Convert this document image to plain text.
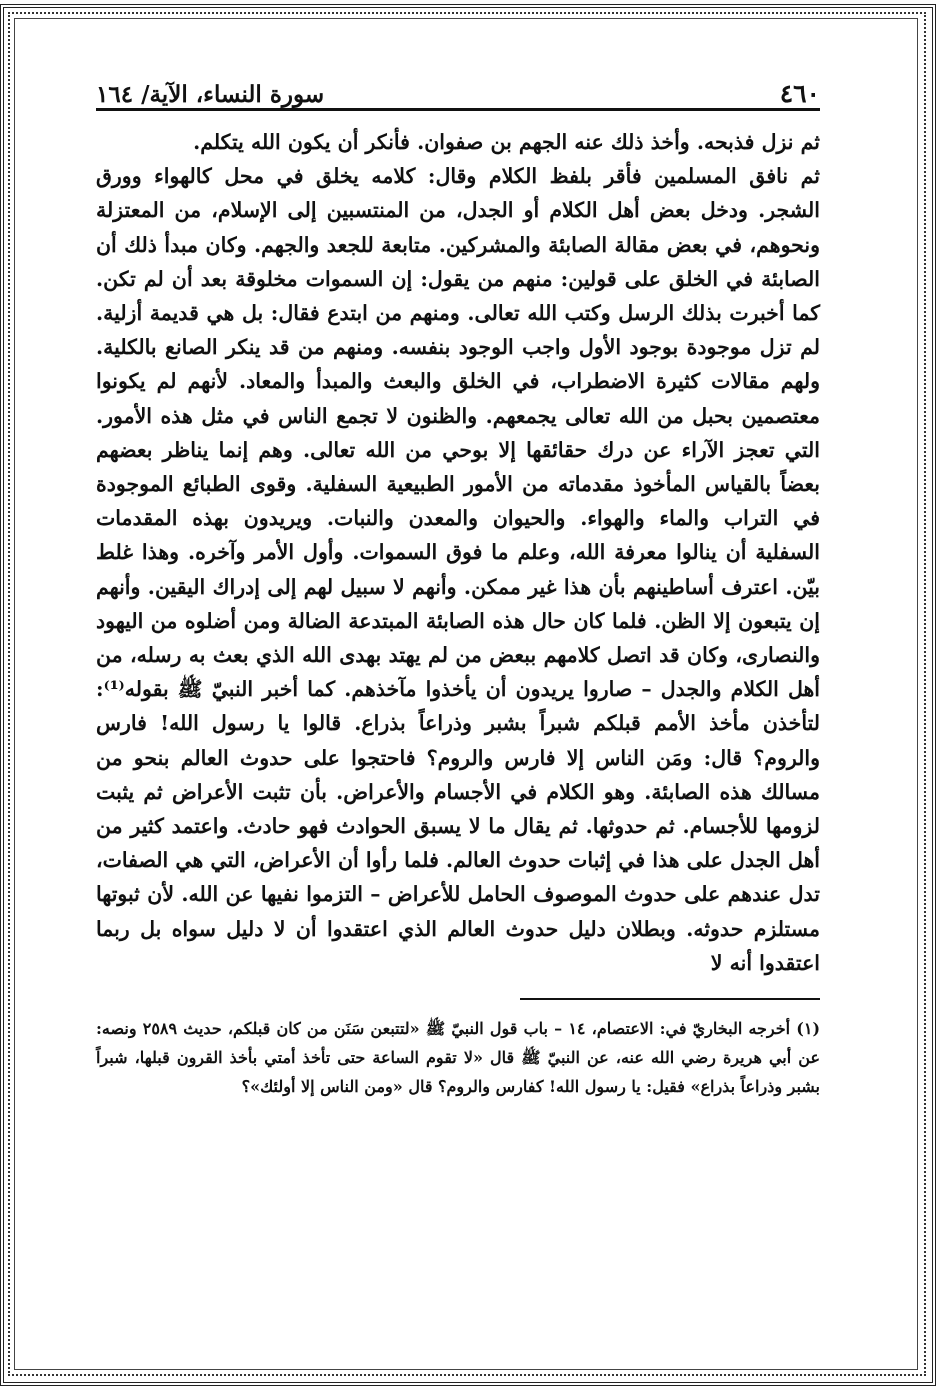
٤٦٠
سورة النساء، الآية/ ١٦٤

ثم نزل فذبحه. وأخذ ذلك عنه الجهم بن صفوان. فأنكر أن يكون الله يتكلم.

ثم نافق المسلمين فأقر بلفظ الكلام وقال: كلامه يخلق في محل كالهواء وورق الشجر. ودخل بعض أهل الكلام أو الجدل، من المنتسبين إلى الإسلام، من المعتزلة ونحوهم، في بعض مقالة الصابئة والمشركين. متابعة للجعد والجهم. وكان مبدأ ذلك أن الصابئة في الخلق على قولين: منهم من يقول: إن السموات مخلوقة بعد أن لم تكن. كما أخبرت بذلك الرسل وكتب الله تعالى. ومنهم من ابتدع فقال: بل هي قديمة أزلية. لم تزل موجودة بوجود الأول واجب الوجود بنفسه. ومنهم من قد ينكر الصانع بالكلية. ولهم مقالات كثيرة الاضطراب، في الخلق والبعث والمبدأ والمعاد. لأنهم لم يكونوا معتصمين بحبل من الله تعالى يجمعهم. والظنون لا تجمع الناس في مثل هذه الأمور. التي تعجز الآراء عن درك حقائقها إلا بوحي من الله تعالى. وهم إنما يناظر بعضهم بعضاً بالقياس المأخوذ مقدماته من الأمور الطبيعية السفلية. وقوى الطبائع الموجودة في التراب والماء والهواء. والحيوان والمعدن والنبات. ويريدون بهذه المقدمات السفلية أن ينالوا معرفة الله، وعلم ما فوق السموات. وأول الأمر وآخره. وهذا غلط بيّن. اعترف أساطينهم بأن هذا غير ممكن. وأنهم لا سبيل لهم إلى إدراك اليقين. وأنهم إن يتبعون إلا الظن. فلما كان حال هذه الصابئة المبتدعة الضالة ومن أضلوه من اليهود والنصارى، وكان قد اتصل كلامهم ببعض من لم يهتد بهدى الله الذي بعث به رسله، من أهل الكلام والجدل – صاروا يريدون أن يأخذوا مآخذهم. كما أخبر النبيّ ﷺ بقوله⁽¹⁾: لتأخذن مأخذ الأمم قبلكم شبراً بشبر وذراعاً بذراع. قالوا يا رسول الله! فارس والروم؟ قال: ومَن الناس إلا فارس والروم؟ فاحتجوا على حدوث العالم بنحو من مسالك هذه الصابئة. وهو الكلام في الأجسام والأعراض. بأن تثبت الأعراض ثم يثبت لزومها للأجسام. ثم حدوثها. ثم يقال ما لا يسبق الحوادث فهو حادث. واعتمد كثير من أهل الجدل على هذا في إثبات حدوث العالم. فلما رأوا أن الأعراض، التي هي الصفات، تدل عندهم على حدوث الموصوف الحامل للأعراض – التزموا نفيها عن الله. لأن ثبوتها مستلزم حدوثه. وبطلان دليل حدوث العالم الذي اعتقدوا أن لا دليل سواه بل ربما اعتقدوا أنه لا

(١) أخرجه البخاريّ في: الاعتصام، ١٤ – باب قول النبيّ ﷺ «لتتبعن سَنَن من كان قبلكم، حديث ٢٥٨٩ ونصه: عن أبي هريرة رضي الله عنه، عن النبيّ ﷺ قال «لا تقوم الساعة حتى تأخذ أمتي بأخذ القرون قبلها، شبراً بشبر وذراعاً بذراع» فقيل: يا رسول الله! كفارس والروم؟ قال «ومن الناس إلا أولئك»؟
